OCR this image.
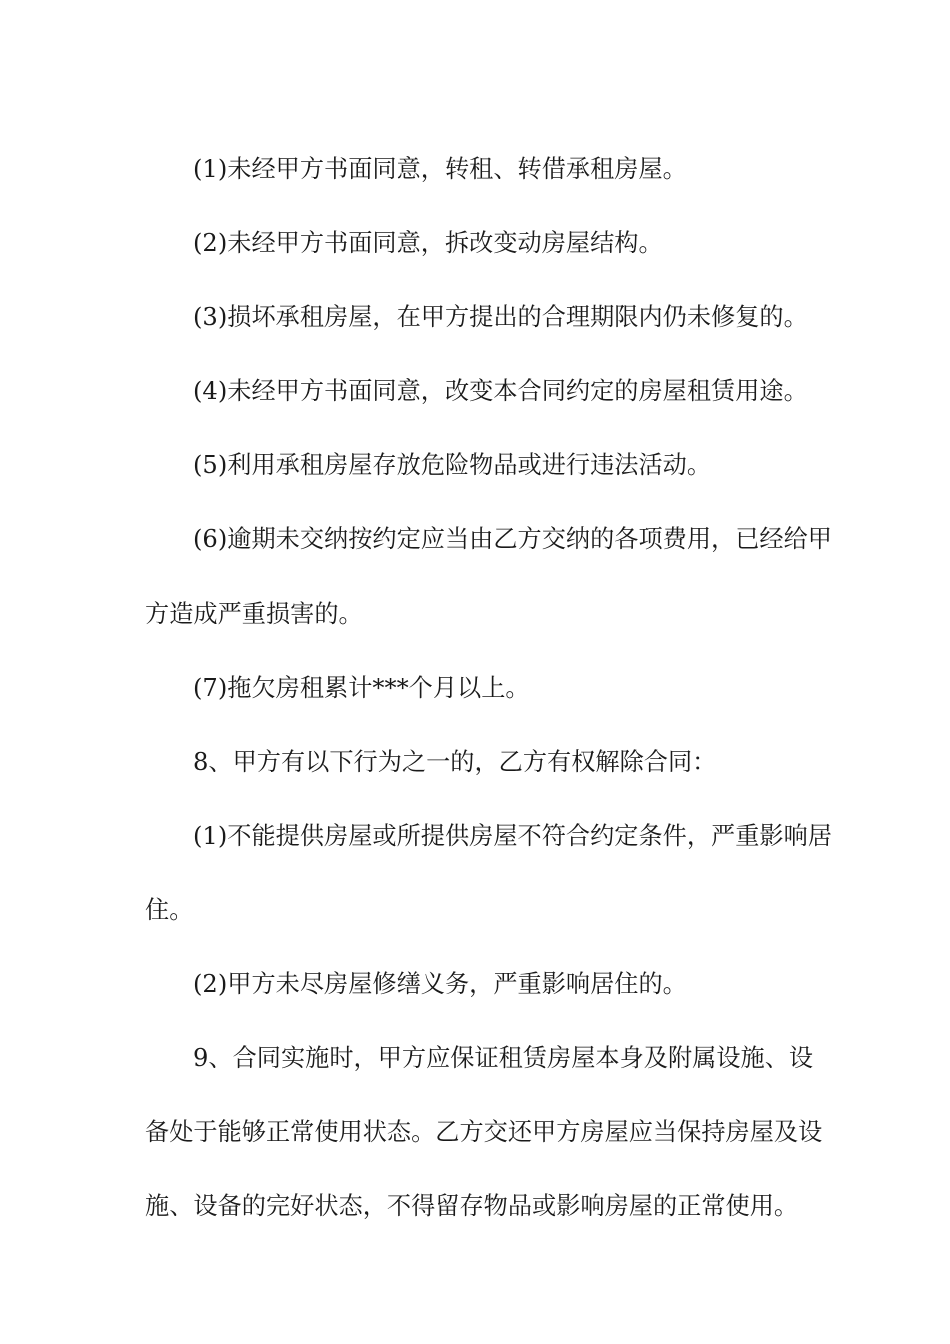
(1)未经甲方书面同意，转租、转借承租房屋。

(2)未经甲方书面同意，拆改变动房屋结构。

(3)损坏承租房屋，在甲方提出的合理期限内仍未修复的。

(4)未经甲方书面同意，改变本合同约定的房屋租赁用途。

(5)利用承租房屋存放危险物品或进行违法活动。

(6)逾期未交纳按约定应当由乙方交纳的各项费用，已经给甲方造成严重损害的。

(7)拖欠房租累计***个月以上。

8、甲方有以下行为之一的，乙方有权解除合同：

(1)不能提供房屋或所提供房屋不符合约定条件，严重影响居住。

(2)甲方未尽房屋修缮义务，严重影响居住的。

9、合同实施时，甲方应保证租赁房屋本身及附属设施、设备处于能够正常使用状态。乙方交还甲方房屋应当保持房屋及设施、设备的完好状态，不得留存物品或影响房屋的正常使用。
